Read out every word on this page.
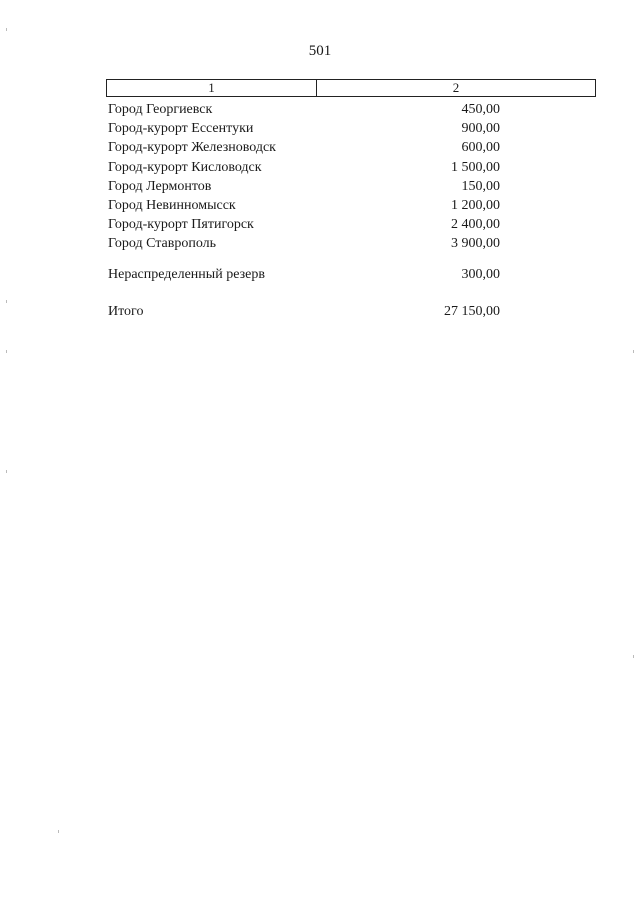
501
1	2
Город Георгиевск	450,00
Город-курорт Ессентуки	900,00
Город-курорт Железноводск	600,00
Город-курорт Кисловодск	1 500,00
Город Лермонтов	150,00
Город Невинномысск	1 200,00
Город-курорт Пятигорск	2 400,00
Город Ставрополь	3 900,00
Нераспределенный резерв	300,00
Итого	27 150,00
